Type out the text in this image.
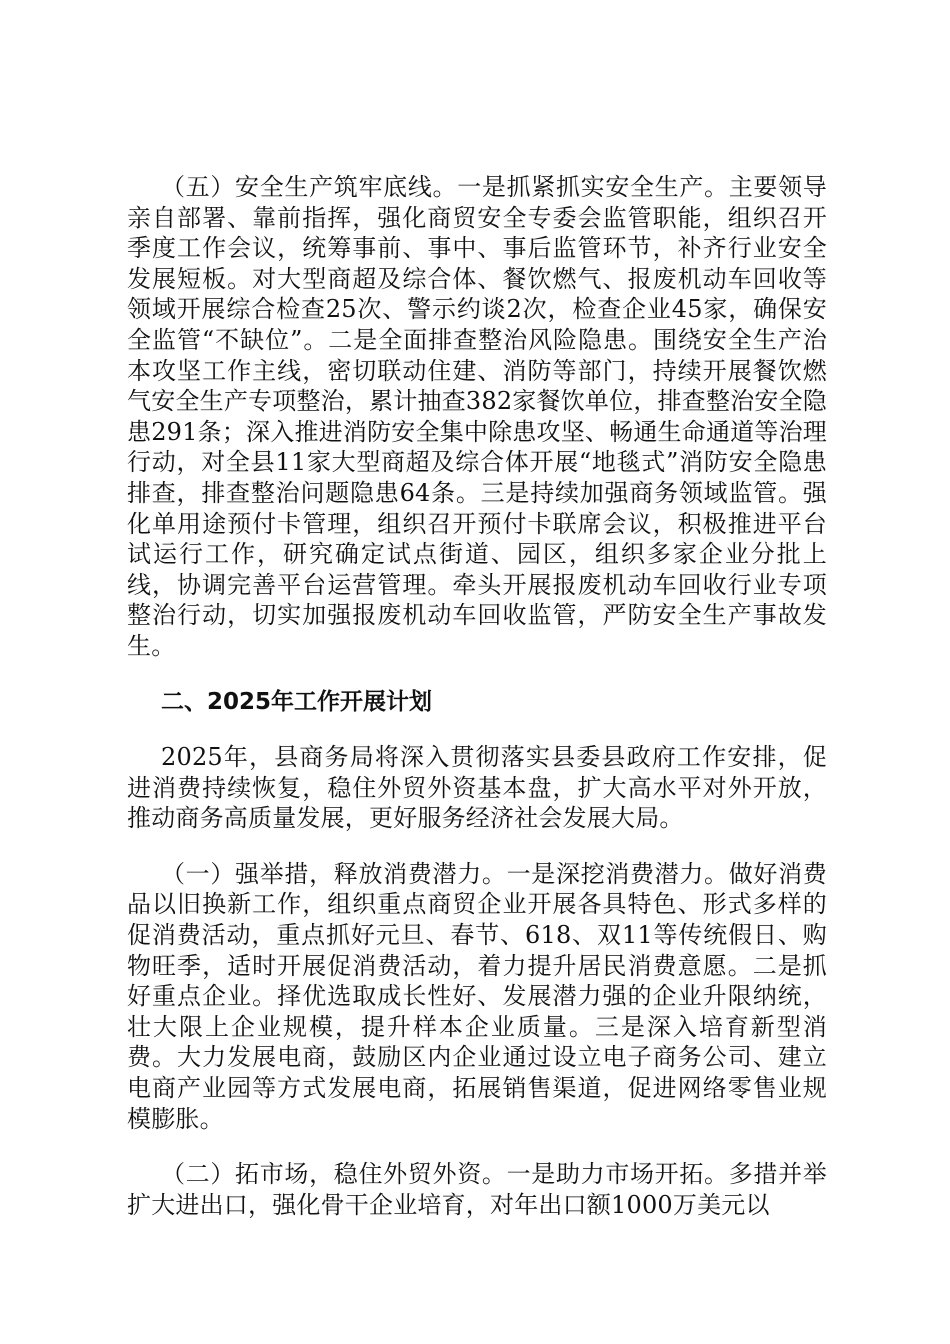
（五）安全生产筑牢底线。一是抓紧抓实安全生产。主要领导亲自部署、靠前指挥，强化商贸安全专委会监管职能，组织召开季度工作会议，统筹事前、事中、事后监管环节，补齐行业安全发展短板。对大型商超及综合体、餐饮燃气、报废机动车回收等领域开展综合检查25次、警示约谈2次，检查企业45家，确保安全监管“不缺位”。二是全面排查整治风险隐患。围绕安全生产治本攻坚工作主线，密切联动住建、消防等部门，持续开展餐饮燃气安全生产专项整治，累计抽查382家餐饮单位，排查整治安全隐患291条；深入推进消防安全集中除患攻坚、畅通生命通道等治理行动，对全县11家大型商超及综合体开展“地毯式”消防安全隐患排查，排查整治问题隐患64条。三是持续加强商务领域监管。强化单用途预付卡管理，组织召开预付卡联席会议，积极推进平台试运行工作，研究确定试点街道、园区，组织多家企业分批上线，协调完善平台运营管理。牵头开展报废机动车回收行业专项整治行动，切实加强报废机动车回收监管，严防安全生产事故发生。

二、2025年工作开展计划

2025年，县商务局将深入贯彻落实县委县政府工作安排，促进消费持续恢复，稳住外贸外资基本盘，扩大高水平对外开放，推动商务高质量发展，更好服务经济社会发展大局。

（一）强举措，释放消费潜力。一是深挖消费潜力。做好消费品以旧换新工作，组织重点商贸企业开展各具特色、形式多样的促消费活动，重点抓好元旦、春节、618、双11等传统假日、购物旺季，适时开展促消费活动，着力提升居民消费意愿。二是抓好重点企业。择优选取成长性好、发展潜力强的企业升限纳统，壮大限上企业规模，提升样本企业质量。三是深入培育新型消费。大力发展电商，鼓励区内企业通过设立电子商务公司、建立电商产业园等方式发展电商，拓展销售渠道，促进网络零售业规模膨胀。

（二）拓市场，稳住外贸外资。一是助力市场开拓。多措并举扩大进出口，强化骨干企业培育，对年出口额1000万美元以
